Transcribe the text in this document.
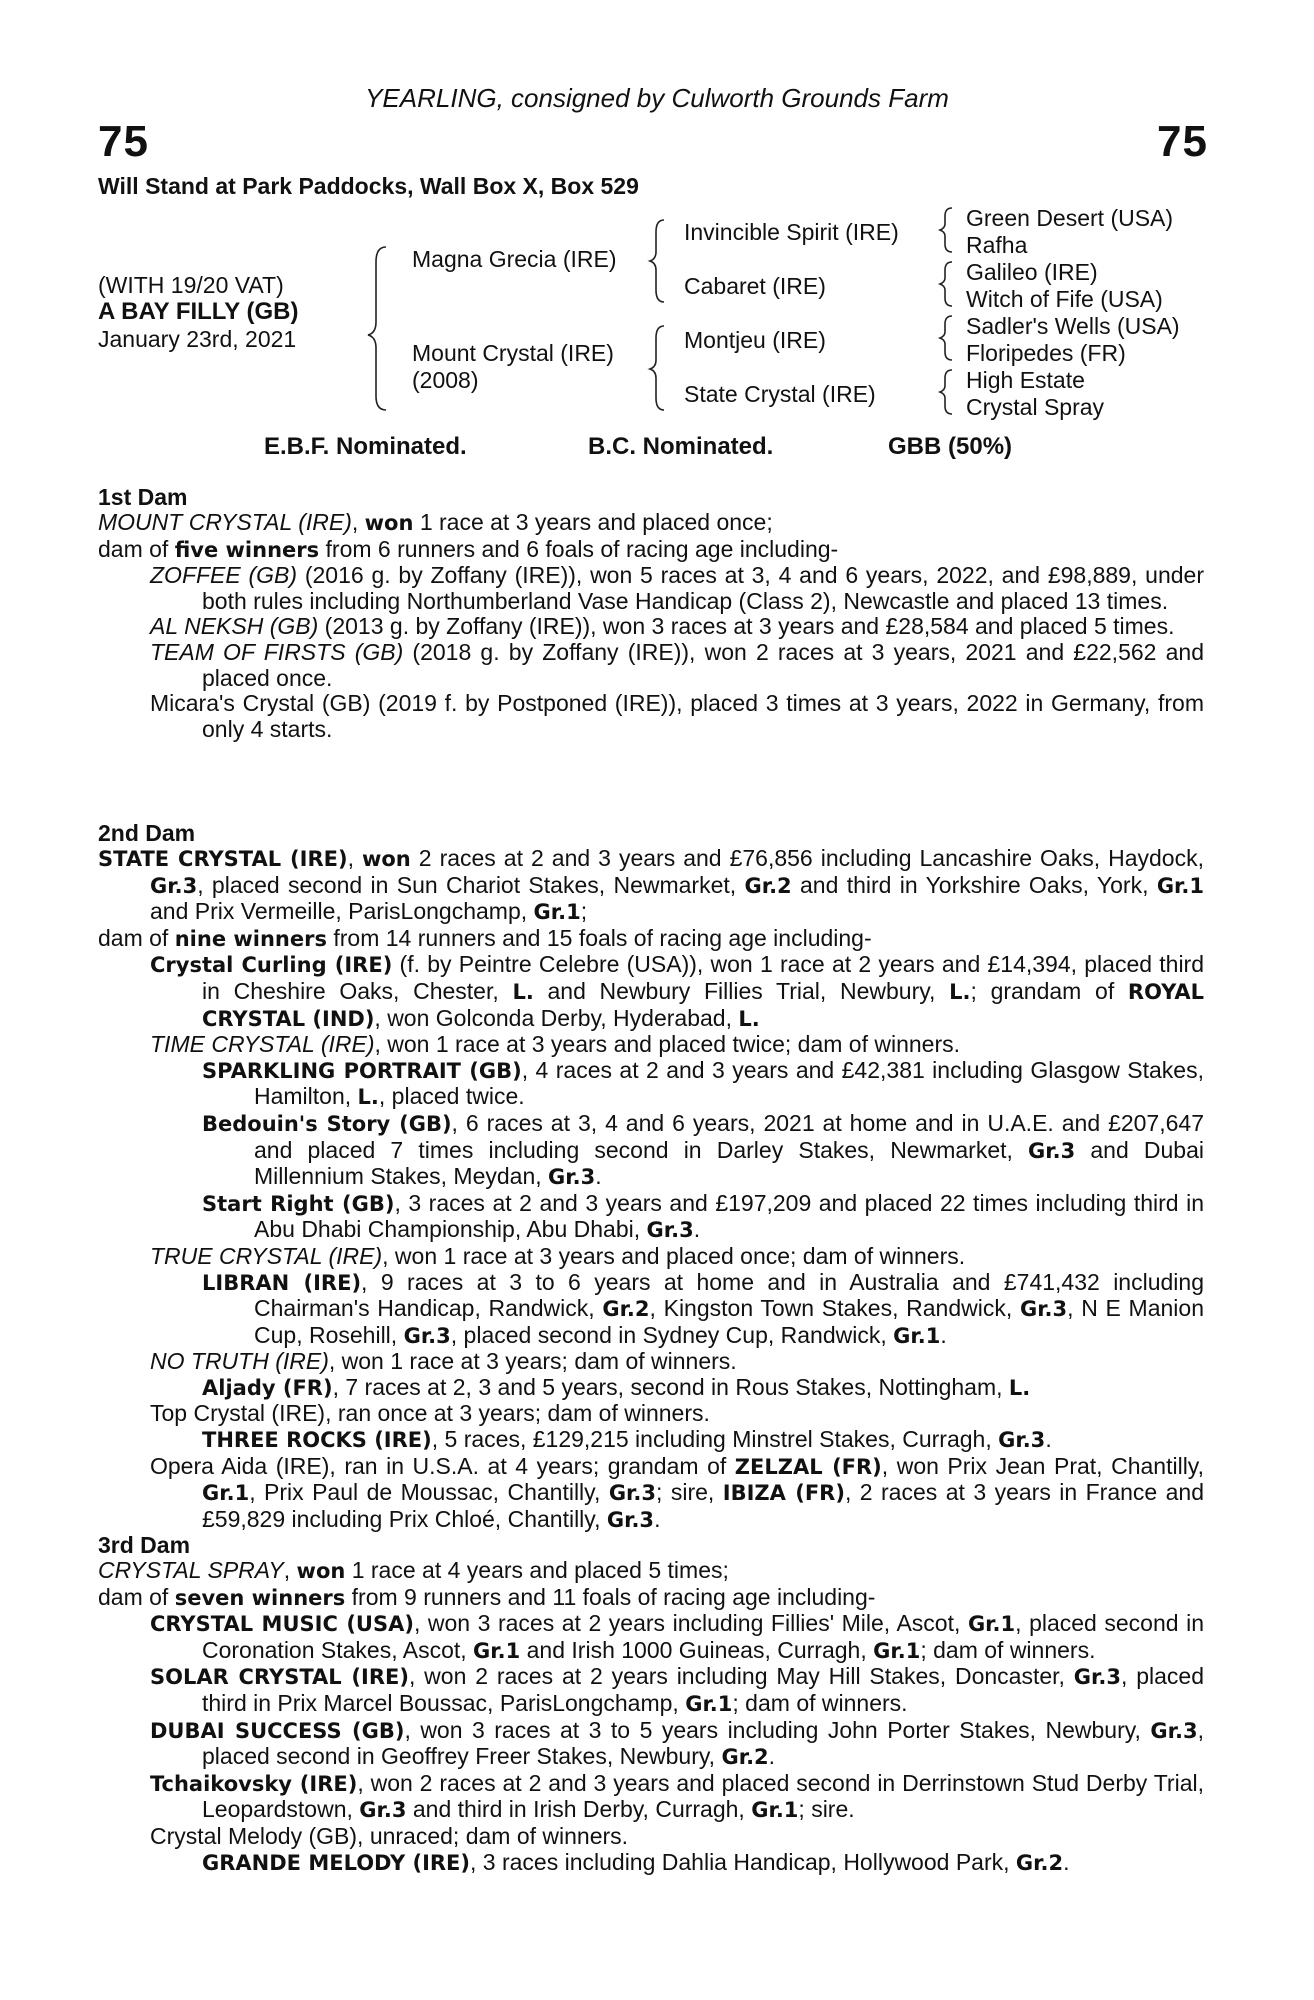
YEARLING, consigned by Culworth Grounds Farm
75	75
Will Stand at Park Paddocks, Wall Box X, Box 529
(WITH 19/20 VAT)
A BAY FILLY (GB)
January 23rd, 2021
Magna Grecia (IRE)
Mount Crystal (IRE)
(2008)
Invincible Spirit (IRE)
Cabaret (IRE)
Montjeu (IRE)
State Crystal (IRE)
Green Desert (USA)
Rafha
Galileo (IRE)
Witch of Fife (USA)
Sadler's Wells (USA)
Floripedes (FR)
High Estate
Crystal Spray
E.B.F. Nominated.	B.C. Nominated.	GBB (50%)
1st Dam

MOUNT CRYSTAL (IRE), won 1 race at 3 years and placed once;

dam of five winners from 6 runners and 6 foals of racing age including-

ZOFFEE (GB) (2016 g. by Zoffany (IRE)), won 5 races at 3, 4 and 6 years, 2022, and £98,889, under both rules including Northumberland Vase Handicap (Class 2), Newcastle and placed 13 times.

AL NEKSH (GB) (2013 g. by Zoffany (IRE)), won 3 races at 3 years and £28,584 and placed 5 times.

TEAM OF FIRSTS (GB) (2018 g. by Zoffany (IRE)), won 2 races at 3 years, 2021 and £22,562 and placed once.

Micara's Crystal (GB) (2019 f. by Postponed (IRE)), placed 3 times at 3 years, 2022 in Germany, from only 4 starts.

2nd Dam

STATE CRYSTAL (IRE), won 2 races at 2 and 3 years and £76,856 including Lancashire Oaks, Haydock, Gr.3, placed second in Sun Chariot Stakes, Newmarket, Gr.2 and third in Yorkshire Oaks, York, Gr.1 and Prix Vermeille, ParisLongchamp, Gr.1;

dam of nine winners from 14 runners and 15 foals of racing age including-

Crystal Curling (IRE) (f. by Peintre Celebre (USA)), won 1 race at 2 years and £14,394, placed third in Cheshire Oaks, Chester, L. and Newbury Fillies Trial, Newbury, L.; grandam of ROYAL CRYSTAL (IND), won Golconda Derby, Hyderabad, L.

TIME CRYSTAL (IRE), won 1 race at 3 years and placed twice; dam of winners.

SPARKLING PORTRAIT (GB), 4 races at 2 and 3 years and £42,381 including Glasgow Stakes, Hamilton, L., placed twice.

Bedouin's Story (GB), 6 races at 3, 4 and 6 years, 2021 at home and in U.A.E. and £207,647 and placed 7 times including second in Darley Stakes, Newmarket, Gr.3 and Dubai Millennium Stakes, Meydan, Gr.3.

Start Right (GB), 3 races at 2 and 3 years and £197,209 and placed 22 times including third in Abu Dhabi Championship, Abu Dhabi, Gr.3.

TRUE CRYSTAL (IRE), won 1 race at 3 years and placed once; dam of winners.

LIBRAN (IRE), 9 races at 3 to 6 years at home and in Australia and £741,432 including Chairman's Handicap, Randwick, Gr.2, Kingston Town Stakes, Randwick, Gr.3, N E Manion Cup, Rosehill, Gr.3, placed second in Sydney Cup, Randwick, Gr.1.

NO TRUTH (IRE), won 1 race at 3 years; dam of winners.

Aljady (FR), 7 races at 2, 3 and 5 years, second in Rous Stakes, Nottingham, L.

Top Crystal (IRE), ran once at 3 years; dam of winners.

THREE ROCKS (IRE), 5 races, £129,215 including Minstrel Stakes, Curragh, Gr.3.

Opera Aida (IRE), ran in U.S.A. at 4 years; grandam of ZELZAL (FR), won Prix Jean Prat, Chantilly, Gr.1, Prix Paul de Moussac, Chantilly, Gr.3; sire, IBIZA (FR), 2 races at 3 years in France and £59,829 including Prix Chloé, Chantilly, Gr.3.

3rd Dam

CRYSTAL SPRAY, won 1 race at 4 years and placed 5 times;

dam of seven winners from 9 runners and 11 foals of racing age including-

CRYSTAL MUSIC (USA), won 3 races at 2 years including Fillies' Mile, Ascot, Gr.1, placed second in Coronation Stakes, Ascot, Gr.1 and Irish 1000 Guineas, Curragh, Gr.1; dam of winners.

SOLAR CRYSTAL (IRE), won 2 races at 2 years including May Hill Stakes, Doncaster, Gr.3, placed third in Prix Marcel Boussac, ParisLongchamp, Gr.1; dam of winners.

DUBAI SUCCESS (GB), won 3 races at 3 to 5 years including John Porter Stakes, Newbury, Gr.3, placed second in Geoffrey Freer Stakes, Newbury, Gr.2.

Tchaikovsky (IRE), won 2 races at 2 and 3 years and placed second in Derrinstown Stud Derby Trial, Leopardstown, Gr.3 and third in Irish Derby, Curragh, Gr.1; sire.

Crystal Melody (GB), unraced; dam of winners.

GRANDE MELODY (IRE), 3 races including Dahlia Handicap, Hollywood Park, Gr.2.
